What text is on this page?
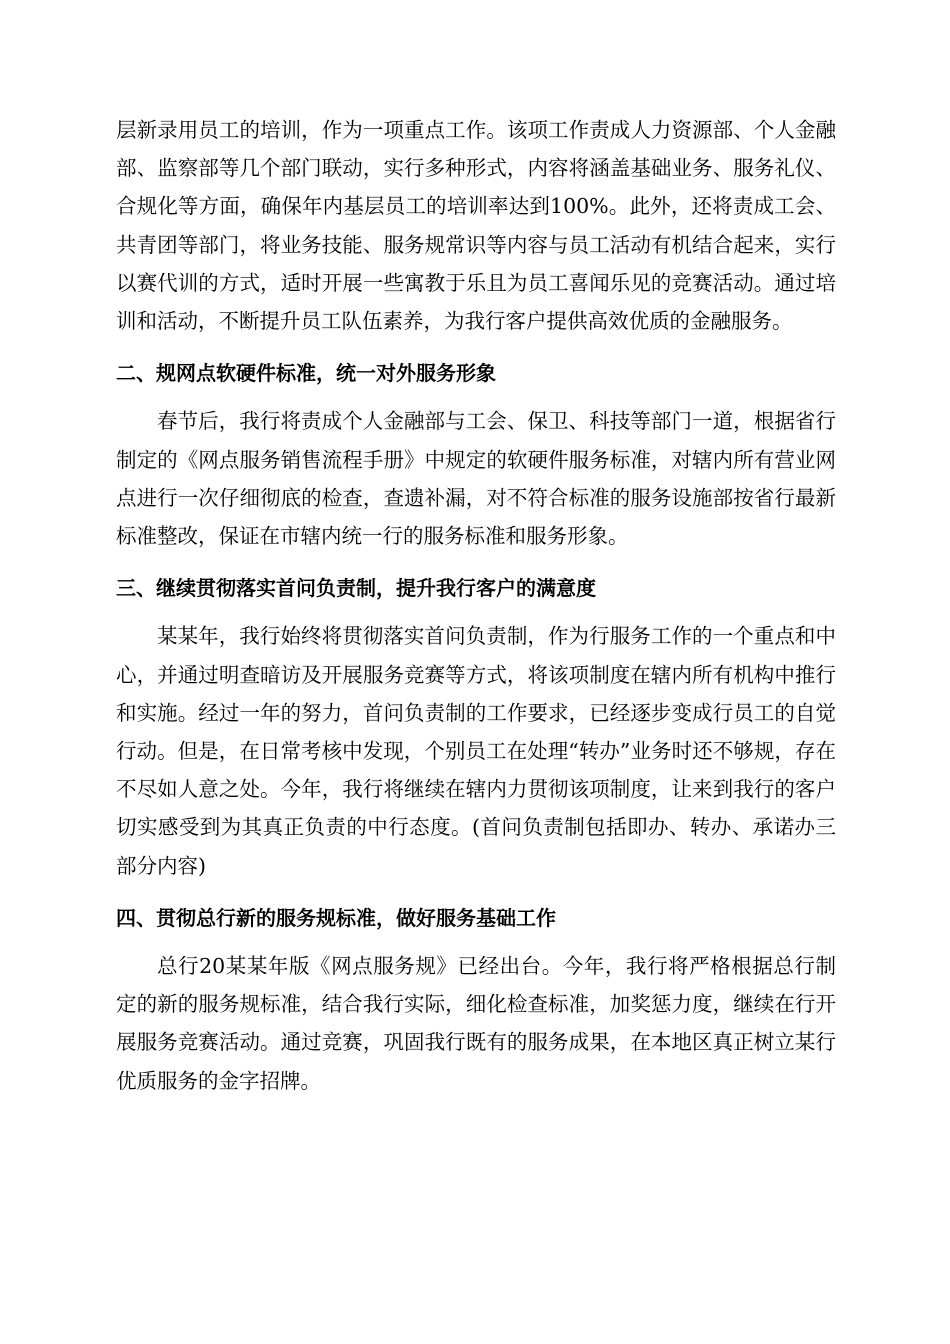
层新录用员工的培训，作为一项重点工作。该项工作责成人力资源部、个人金融部、监察部等几个部门联动，实行多种形式，内容将涵盖基础业务、服务礼仪、合规化等方面，确保年内基层员工的培训率达到100%。此外，还将责成工会、共青团等部门，将业务技能、服务规常识等内容与员工活动有机结合起来，实行以赛代训的方式，适时开展一些寓教于乐且为员工喜闻乐见的竞赛活动。通过培训和活动，不断提升员工队伍素养，为我行客户提供高效优质的金融服务。

二、规网点软硬件标准，统一对外服务形象

春节后，我行将责成个人金融部与工会、保卫、科技等部门一道，根据省行制定的《网点服务销售流程手册》中规定的软硬件服务标准，对辖内所有营业网点进行一次仔细彻底的检查，查遗补漏，对不符合标准的服务设施部按省行最新标准整改，保证在市辖内统一行的服务标准和服务形象。

三、继续贯彻落实首问负责制，提升我行客户的满意度

某某年，我行始终将贯彻落实首问负责制，作为行服务工作的一个重点和中心，并通过明查暗访及开展服务竞赛等方式，将该项制度在辖内所有机构中推行和实施。经过一年的努力，首问负责制的工作要求，已经逐步变成行员工的自觉行动。但是，在日常考核中发现，个别员工在处理“转办”业务时还不够规，存在不尽如人意之处。今年，我行将继续在辖内力贯彻该项制度，让来到我行的客户切实感受到为其真正负责的中行态度。(首问负责制包括即办、转办、承诺办三部分内容)

四、贯彻总行新的服务规标准，做好服务基础工作

总行20某某年版《网点服务规》已经出台。今年，我行将严格根据总行制定的新的服务规标准，结合我行实际，细化检查标准，加奖惩力度，继续在行开展服务竞赛活动。通过竞赛，巩固我行既有的服务成果，在本地区真正树立某行优质服务的金字招牌。
